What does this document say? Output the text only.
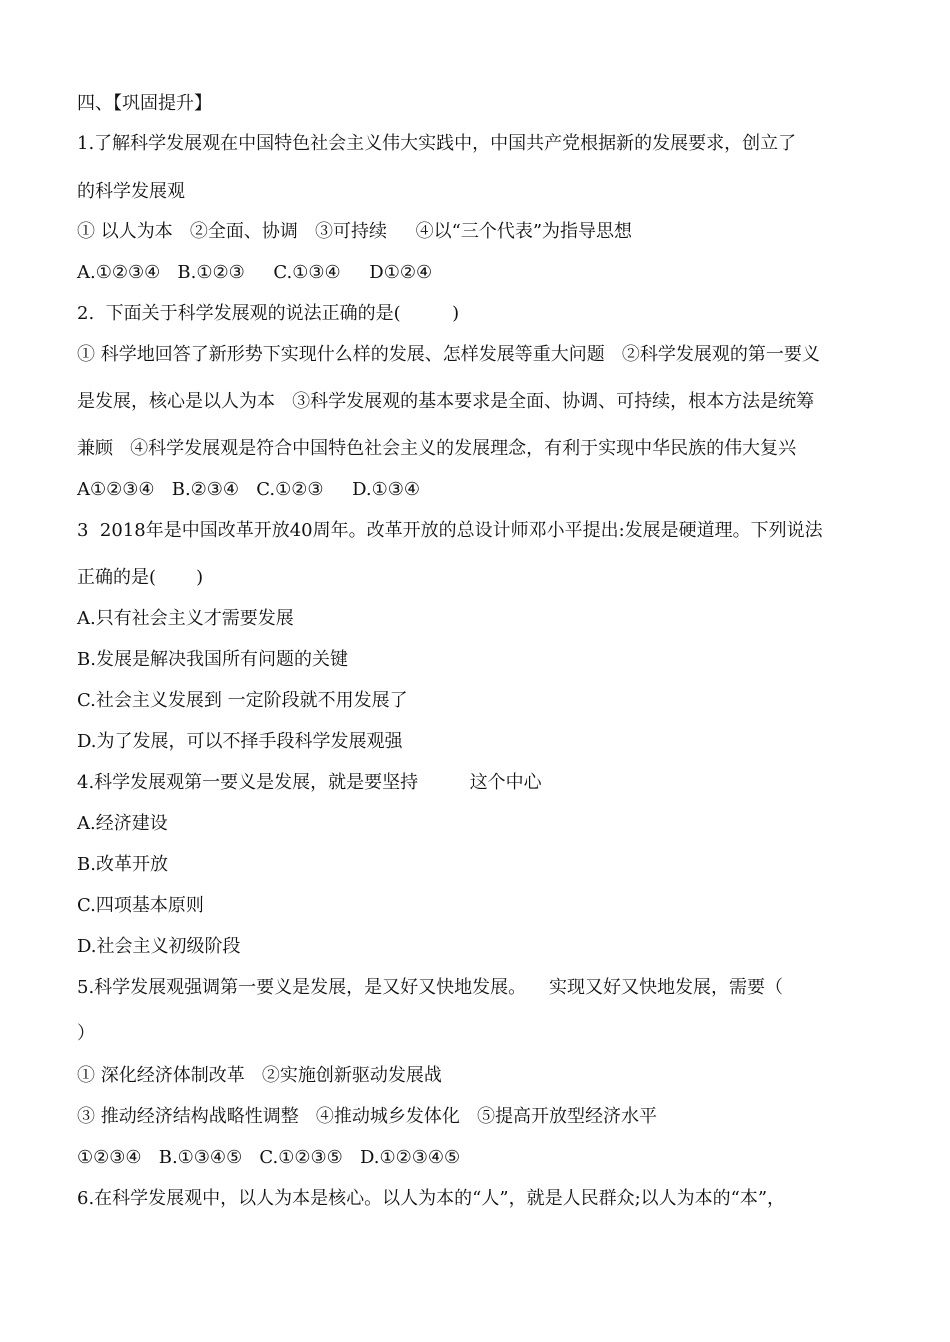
四、【巩固提升】
1.了解科学发展观在中国特色社会主义伟大实践中，中国共产党根据新的发展要求，创立了
的科学发展观
① 以人为本   ②全面、协调   ③可持续     ④以“三个代表”为指导思想
A.①②③④   B.①②③     C.①③④     D①②④
2.  下面关于科学发展观的说法正确的是(         )
① 科学地回答了新形势下实现什么样的发展、怎样发展等重大问题   ②科学发展观的第一要义
是发展，核心是以人为本   ③科学发展观的基本要求是全面、协调、可持续，根本方法是统筹
兼顾   ④科学发展观是符合中国特色社会主义的发展理念，有利于实现中华民族的伟大复兴
A①②③④   B.②③④   C.①②③     D.①③④
3  2018年是中国改革开放40周年。改革开放的总设计师邓小平提出:发展是硬道理。下列说法
正确的是(       )
A.只有社会主义才需要发展
B.发展是解决我国所有问题的关键
C.社会主义发展到 一定阶段就不用发展了
D.为了发展，可以不择手段科学发展观强
4.科学发展观第一要义是发展，就是要坚持         这个中心
A.经济建设
B.改革开放
C.四项基本原则
D.社会主义初级阶段
5.科学发展观强调第一要义是发展，是又好又快地发展。    实现又好又快地发展，需要（
）
① 深化经济体制改革   ②实施创新驱动发展战
③ 推动经济结构战略性调整   ④推动城乡发体化   ⑤提高开放型经济水平
①②③④   B.①③④⑤   C.①②③⑤   D.①②③④⑤
6.在科学发展观中，以人为本是核心。以人为本的“人”，就是人民群众;以人为本的“本”，
